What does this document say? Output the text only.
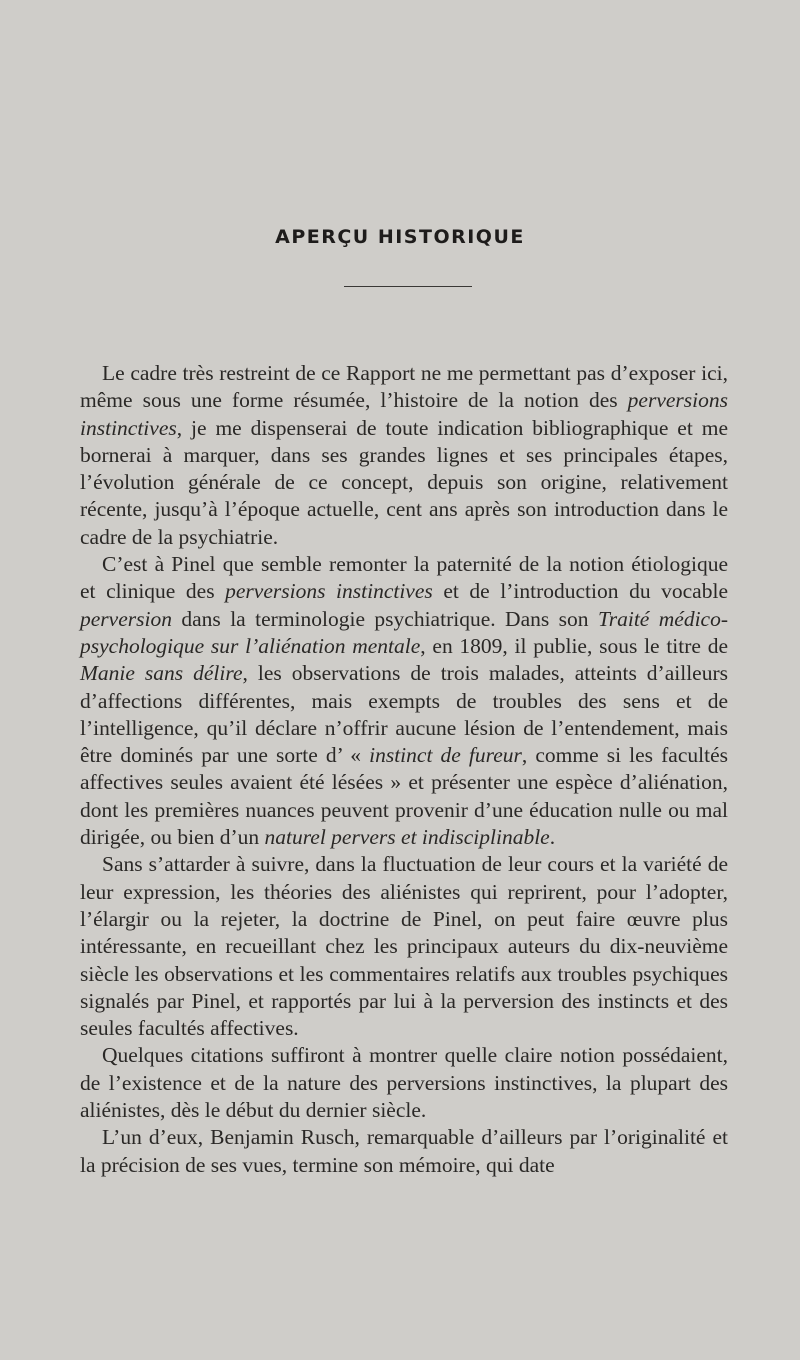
APERÇU HISTORIQUE

Le cadre très restreint de ce Rapport ne me permettant pas d’exposer ici, même sous une forme résumée, l’histoire de la notion des perversions instinctives, je me dispenserai de toute indication bibliographique et me bornerai à marquer, dans ses grandes lignes et ses principales étapes, l’évolution générale de ce concept, depuis son origine, relativement récente, jusqu’à l’époque actuelle, cent ans après son introduction dans le cadre de la psychiatrie.

C’est à Pinel que semble remonter la paternité de la notion étiologique et clinique des perversions instinctives et de l’introduction du vocable perversion dans la terminologie psychiatrique. Dans son Traité médico-psychologique sur l’aliénation mentale, en 1809, il publie, sous le titre de Manie sans délire, les observations de trois malades, atteints d’ailleurs d’affections différentes, mais exempts de troubles des sens et de l’intelligence, qu’il déclare n’offrir aucune lésion de l’entendement, mais être dominés par une sorte d’ « instinct de fureur, comme si les facultés affectives seules avaient été lésées » et présenter une espèce d’aliénation, dont les premières nuances peuvent provenir d’une éducation nulle ou mal dirigée, ou bien d’un naturel pervers et indisciplinable.

Sans s’attarder à suivre, dans la fluctuation de leur cours et la variété de leur expression, les théories des aliénistes qui reprirent, pour l’adopter, l’élargir ou la rejeter, la doctrine de Pinel, on peut faire œuvre plus intéressante, en recueillant chez les principaux auteurs du dix-neuvième siècle les observations et les commentaires relatifs aux troubles psychiques signalés par Pinel, et rapportés par lui à la perversion des instincts et des seules facultés affectives.

Quelques citations suffiront à montrer quelle claire notion possédaient, de l’existence et de la nature des perversions instinctives, la plupart des aliénistes, dès le début du dernier siècle.

L’un d’eux, Benjamin Rusch, remarquable d’ailleurs par l’originalité et la précision de ses vues, termine son mémoire, qui date
